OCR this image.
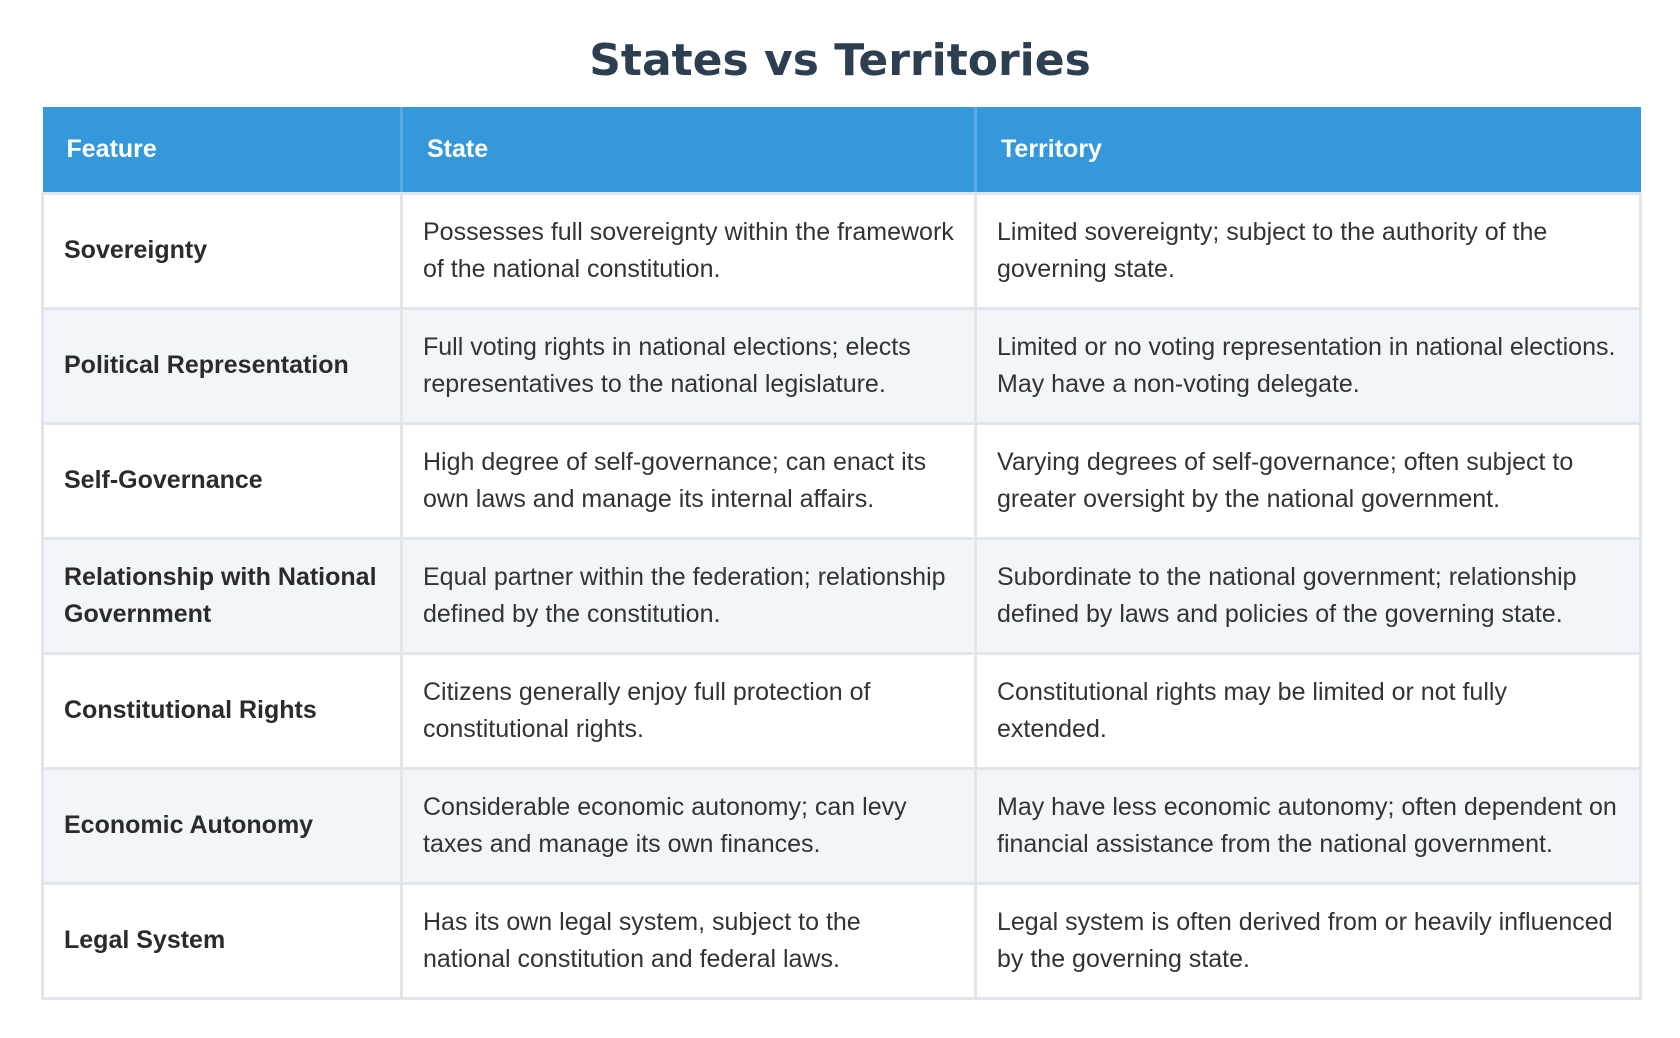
States vs Territories
Feature	State	Territory
Sovereignty	Possesses full sovereignty within the framework of the national constitution.	Limited sovereignty; subject to the authority of the governing state.
Political Representation	Full voting rights in national elections; elects representatives to the national legislature.	Limited or no voting representation in national elections. May have a non-voting delegate.
Self-Governance	High degree of self-governance; can enact its own laws and manage its internal affairs.	Varying degrees of self-governance; often subject to greater oversight by the national government.
Relationship with National Government	Equal partner within the federation; relationship defined by the constitution.	Subordinate to the national government; relationship defined by laws and policies of the governing state.
Constitutional Rights	Citizens generally enjoy full protection of constitutional rights.	Constitutional rights may be limited or not fully extended.
Economic Autonomy	Considerable economic autonomy; can levy taxes and manage its own finances.	May have less economic autonomy; often dependent on financial assistance from the national government.
Legal System	Has its own legal system, subject to the national constitution and federal laws.	Legal system is often derived from or heavily influenced by the governing state.
